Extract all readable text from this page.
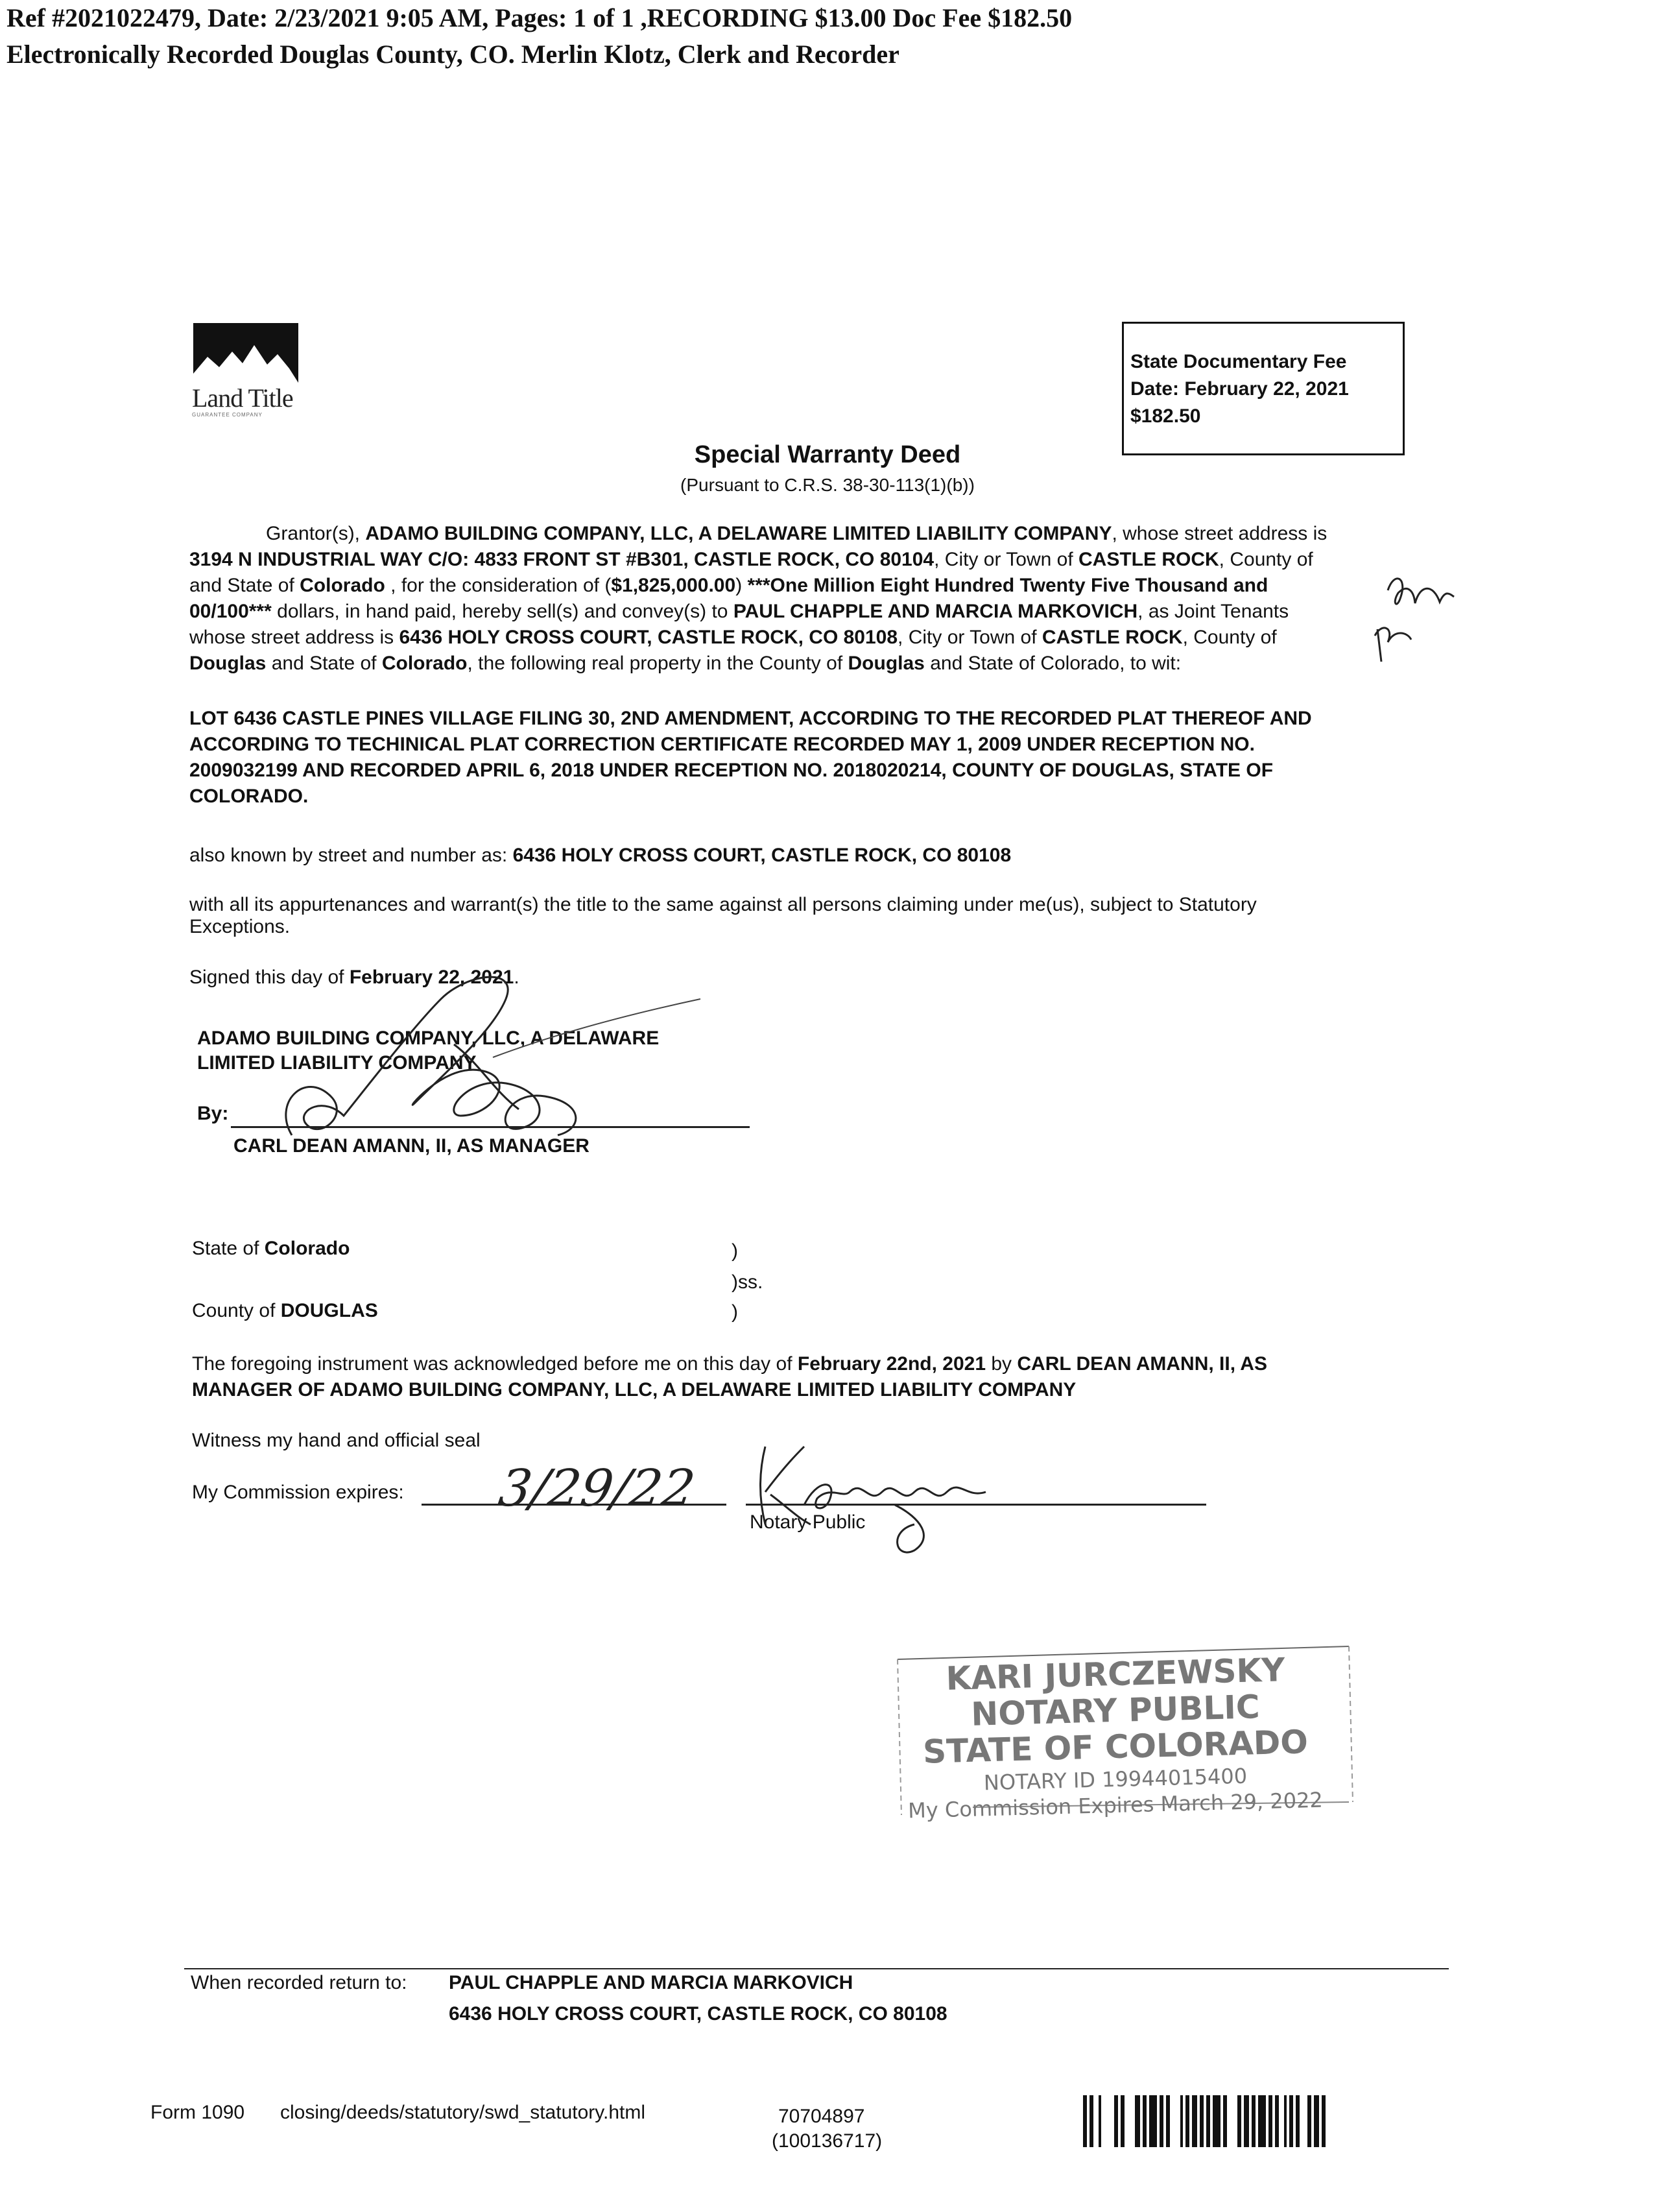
Ref #2021022479, Date: 2/23/2021 9:05 AM, Pages: 1 of 1 ,RECORDING $13.00 Doc Fee $182.50
Electronically Recorded Douglas County, CO. Merlin Klotz, Clerk and Recorder
Land Title
GUARANTEE COMPANY
State Documentary Fee
Date: February 22, 2021
$182.50
Special Warranty Deed
(Pursuant to C.R.S. 38-30-113(1)(b))
Grantor(s), ADAMO BUILDING COMPANY, LLC, A DELAWARE LIMITED LIABILITY COMPANY, whose street address is
3194 N INDUSTRIAL WAY C/O: 4833 FRONT ST #B301, CASTLE ROCK, CO 80104, City or Town of CASTLE ROCK, County of
and State of Colorado , for the consideration of ($1,825,000.00) ***One Million Eight Hundred Twenty Five Thousand and
00/100*** dollars, in hand paid, hereby sell(s) and convey(s) to PAUL CHAPPLE AND MARCIA MARKOVICH, as Joint Tenants
whose street address is 6436 HOLY CROSS COURT, CASTLE ROCK, CO 80108, City or Town of CASTLE ROCK, County of
Douglas and State of Colorado, the following real property in the County of Douglas and State of Colorado, to wit:
LOT 6436 CASTLE PINES VILLAGE FILING 30, 2ND AMENDMENT, ACCORDING TO THE RECORDED PLAT THEREOF AND
ACCORDING TO TECHINICAL PLAT CORRECTION CERTIFICATE RECORDED MAY 1, 2009 UNDER RECEPTION NO.
2009032199 AND RECORDED APRIL 6, 2018 UNDER RECEPTION NO. 2018020214, COUNTY OF DOUGLAS, STATE OF
COLORADO.
also known by street and number as: 6436 HOLY CROSS COURT, CASTLE ROCK, CO 80108
with all its appurtenances and warrant(s) the title to the same against all persons claiming under me(us), subject to Statutory
Exceptions.
Signed this day of February 22, 2021.
ADAMO BUILDING COMPANY, LLC, A DELAWARE
LIMITED LIABILITY COMPANY
By:
CARL DEAN AMANN, II, AS MANAGER
State of Colorado
County of DOUGLAS
)
)ss.
)
The foregoing instrument was acknowledged before me on this day of February 22nd, 2021 by CARL DEAN AMANN, II, AS
MANAGER OF ADAMO BUILDING COMPANY, LLC, A DELAWARE LIMITED LIABILITY COMPANY
Witness my hand and official seal
My Commission expires: 3/29/22
Notary Public
KARI JURCZEWSKY
NOTARY PUBLIC
STATE OF COLORADO
NOTARY ID 19944015400
My Commission Expires March 29, 2022
When recorded return to: PAUL CHAPPLE AND MARCIA MARKOVICH
6436 HOLY CROSS COURT, CASTLE ROCK, CO 80108
Form 1090 closing/deeds/statutory/swd_statutory.html	70704897
(100136717)
